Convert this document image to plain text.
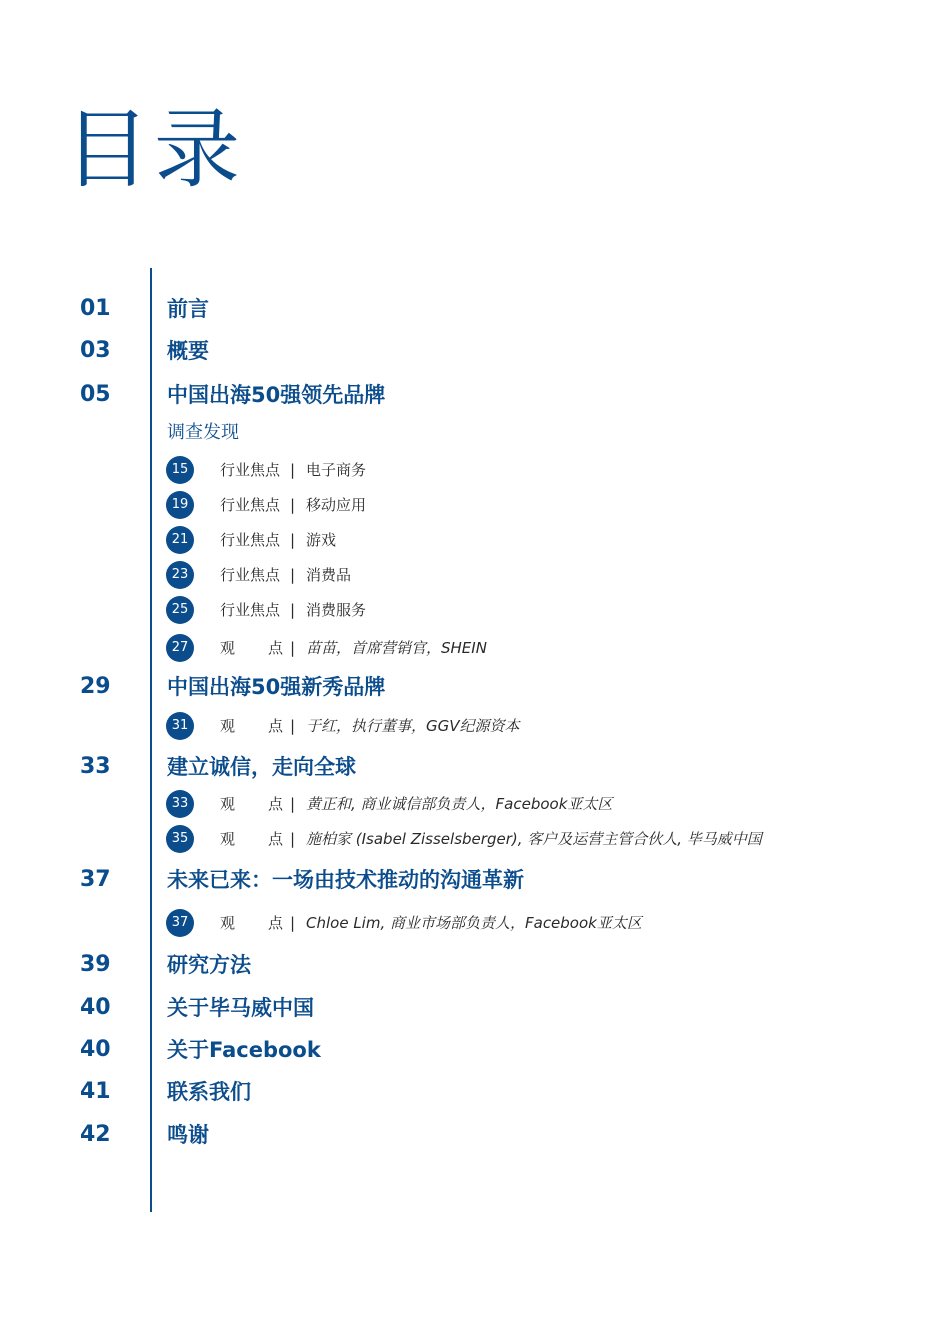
目录
01	前言
03	概要
05	中国出海50强领先品牌
调查发现
15	行业焦点 | 电子商务
19	行业焦点 | 移动应用
21	行业焦点 | 游戏
23	行业焦点 | 消费品
25	行业焦点 | 消费服务
27	观 点 | 苗苗，首席营销官，SHEIN
29	中国出海50强新秀品牌
31	观 点 | 于红，执行董事，GGV纪源资本
33	建立诚信，走向全球
33	观 点 | 黄正和, 商业诚信部负责人，Facebook亚太区
35	观 点 | 施柏家 (Isabel Zisselsberger), 客户及运营主管合伙人, 毕马威中国
37	未来已来：一场由技术推动的沟通革新
37	观 点 | Chloe Lim, 商业市场部负责人，Facebook亚太区
39	研究方法
40	关于毕马威中国
40	关于Facebook
41	联系我们
42	鸣谢
